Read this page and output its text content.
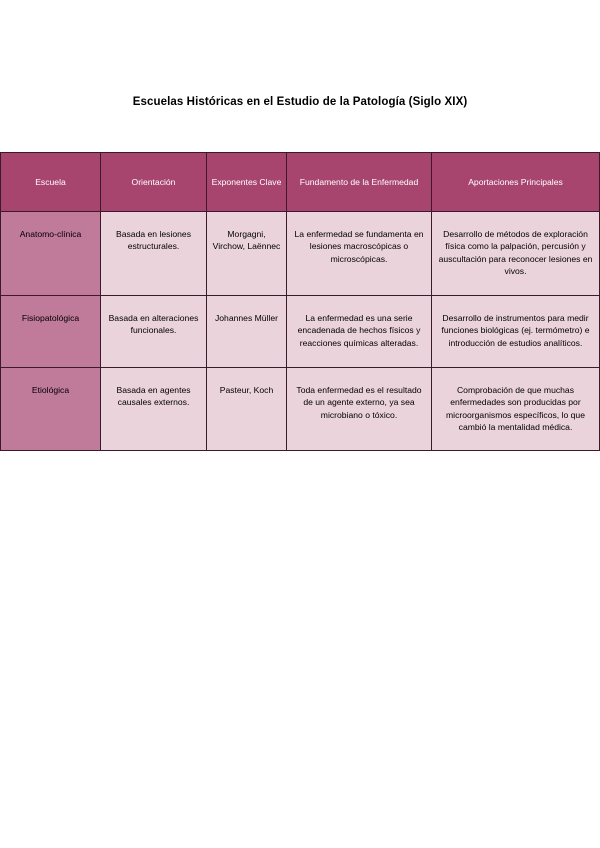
Escuelas Históricas en el Estudio de la Patología (Siglo XIX)
Escuela	Orientación	Exponentes Clave	Fundamento de la Enfermedad	Aportaciones Principales
Anatomo-clínica	Basada en lesiones estructurales.	Morgagni, Virchow, Laënnec	La enfermedad se fundamenta en lesiones macroscópicas o microscópicas.	Desarrollo de métodos de exploración física como la palpación, percusión y auscultación para reconocer lesiones en vivos.
Fisiopatológica	Basada en alteraciones funcionales.	Johannes Müller	La enfermedad es una serie encadenada de hechos físicos y reacciones químicas alteradas.	Desarrollo de instrumentos para medir funciones biológicas (ej. termómetro) e introducción de estudios analíticos.
Etiológica	Basada en agentes causales externos.	Pasteur, Koch	Toda enfermedad es el resultado de un agente externo, ya sea microbiano o tóxico.	Comprobación de que muchas enfermedades son producidas por microorganismos específicos, lo que cambió la mentalidad médica.
